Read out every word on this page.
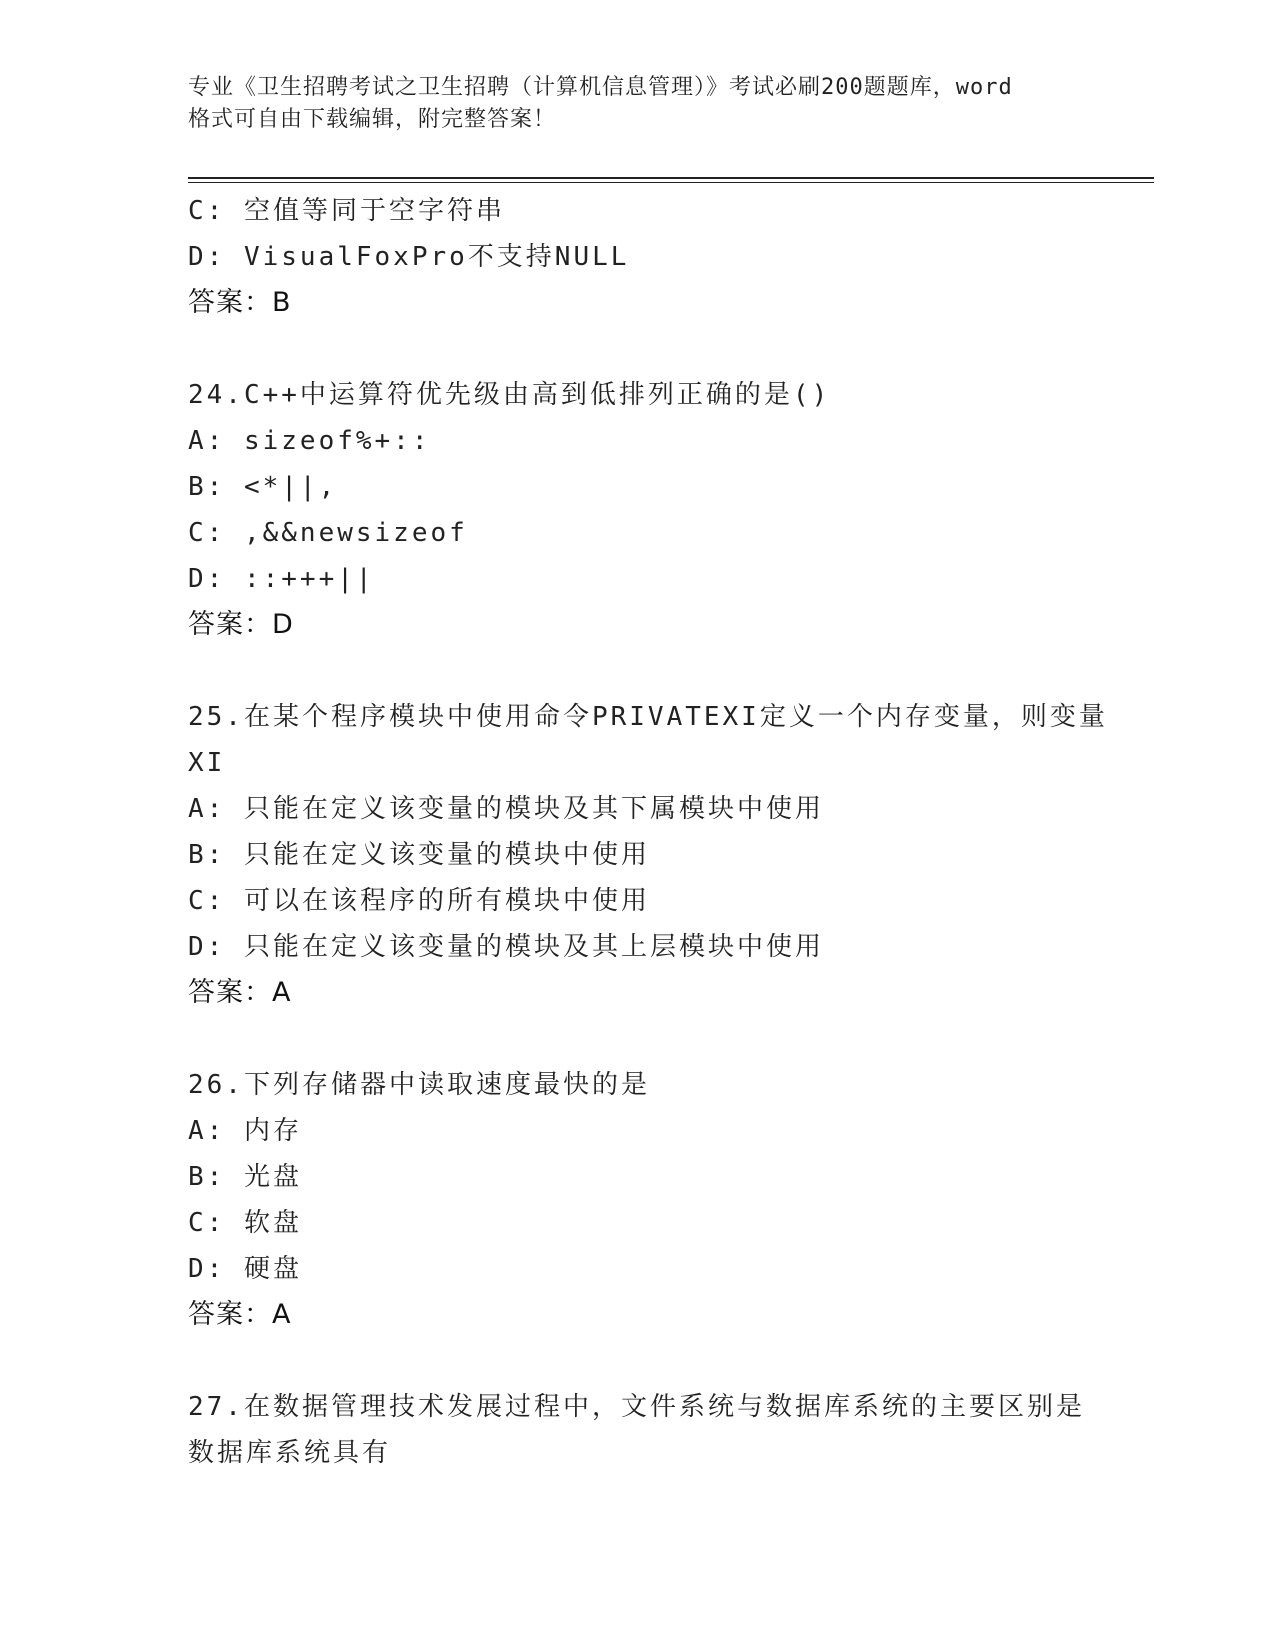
专业《卫生招聘考试之卫生招聘（计算机信息管理）》考试必刷200题题库，word
格式可自由下载编辑，附完整答案！
C: 空值等同于空字符串
D: VisualFoxPro不支持NULL
答案：B
24.C++中运算符优先级由高到低排列正确的是()
A: sizeof%+::
B: <*||,
C: ,&&newsizeof
D: ::+++||
答案：D
25.在某个程序模块中使用命令PRIVATEXI定义一个内存变量，则变量
XI
A: 只能在定义该变量的模块及其下属模块中使用
B: 只能在定义该变量的模块中使用
C: 可以在该程序的所有模块中使用
D: 只能在定义该变量的模块及其上层模块中使用
答案：A
26.下列存储器中读取速度最快的是
A: 内存
B: 光盘
C: 软盘
D: 硬盘
答案：A
27.在数据管理技术发展过程中，文件系统与数据库系统的主要区别是
数据库系统具有
